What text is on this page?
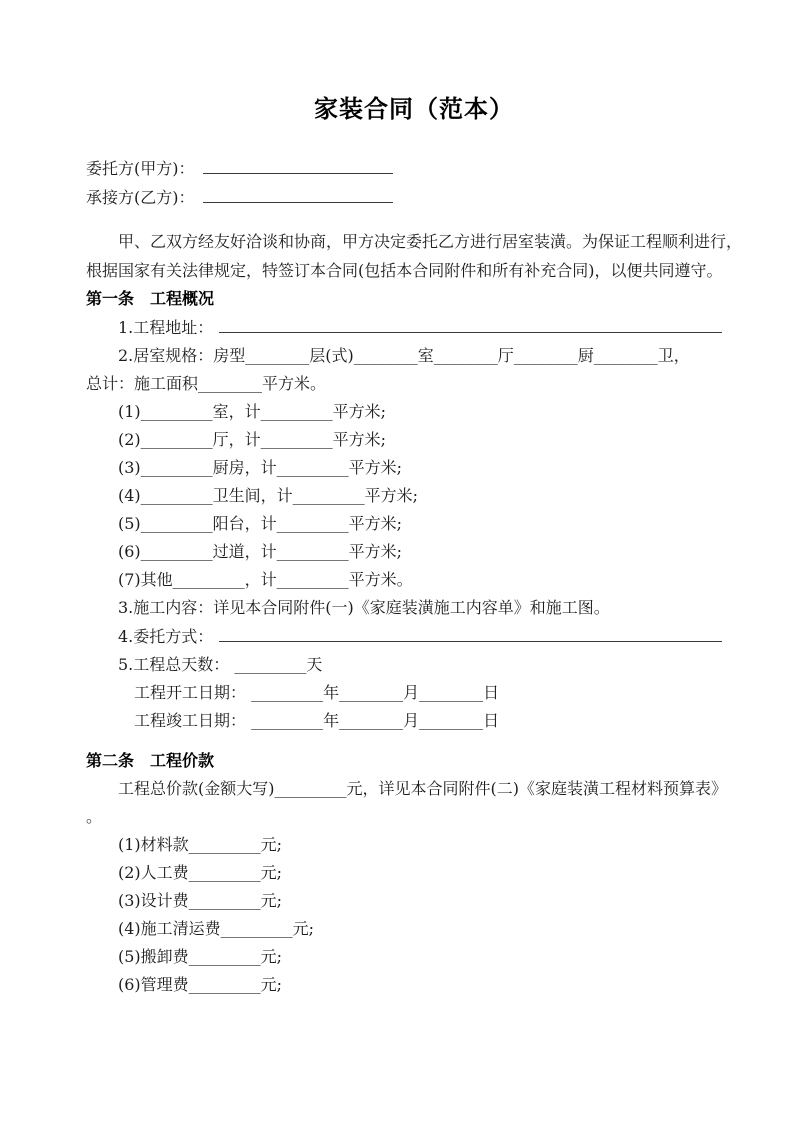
家装合同（范本）
委托方(甲方)：
承接方(乙方)：

甲、乙双方经友好洽谈和协商，甲方决定委托乙方进行居室装潢。为保证工程顺利进行，根据国家有关法律规定，特签订本合同(包括本合同附件和所有补充合同)，以便共同遵守。

第一条　工程概况
1.工程地址：
2.居室规格：房型________层(式)________室________厅________厨________卫，
总计：施工面积________平方米。
(1)_________室，计_________平方米;
(2)_________厅，计_________平方米;
(3)_________厨房，计_________平方米;
(4)_________卫生间，计_________平方米;
(5)_________阳台，计_________平方米;
(6)_________过道，计_________平方米;
(7)其他_________，计_________平方米。
3.施工内容：详见本合同附件(一)《家庭装潢施工内容单》和施工图。
4.委托方式：
5.工程总天数： _________天
工程开工日期： _________年________月________日
工程竣工日期： _________年________月________日
第二条　工程价款
工程总价款(金额大写)_________元，详见本合同附件(二)《家庭装潢工程材料预算表》
。
(1)材料款_________元;
(2)人工费_________元;
(3)设计费_________元;
(4)施工清运费_________元;
(5)搬卸费_________元;
(6)管理费_________元;
